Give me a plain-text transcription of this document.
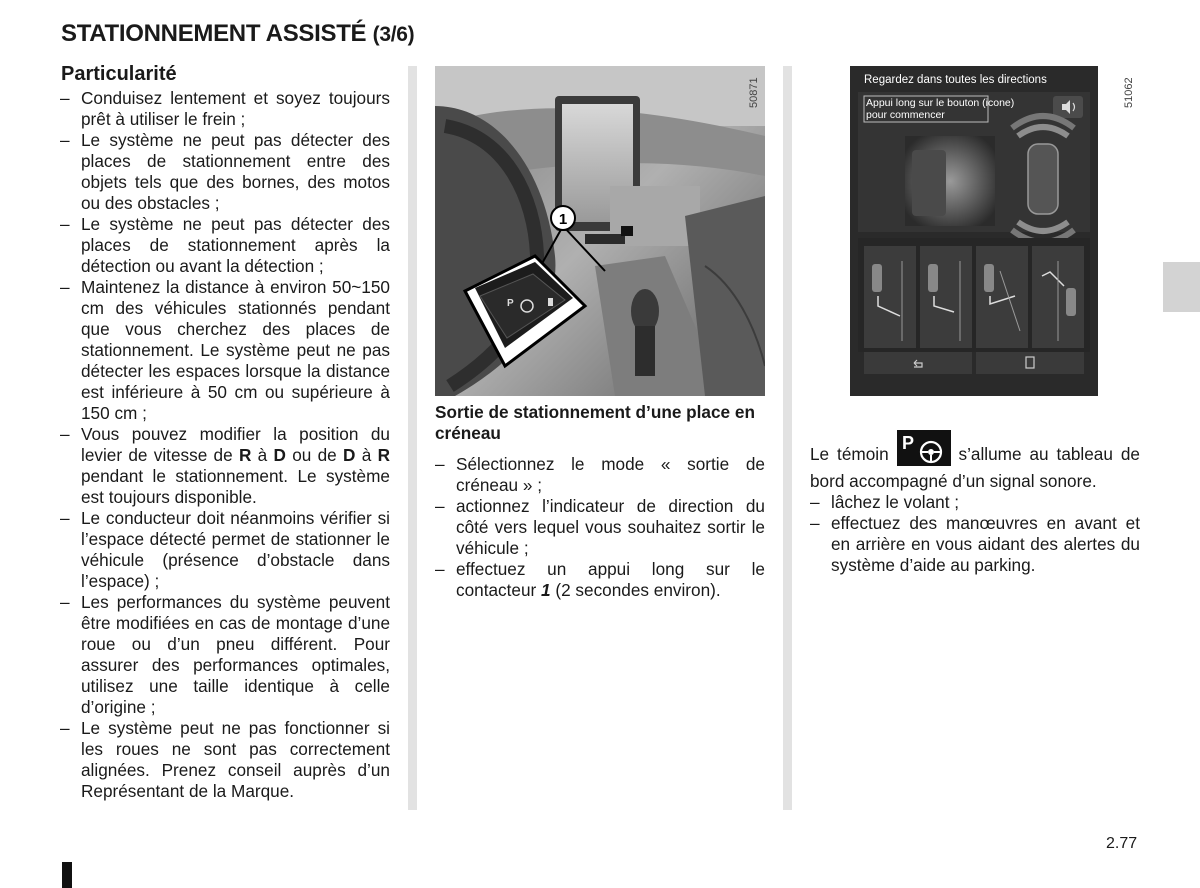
STATIONNEMENT ASSISTÉ (3/6)
Particularité
– Conduisez lentement et soyez toujours prêt à utiliser le frein ;
– Le système ne peut pas détecter des places de stationnement entre des objets tels que des bornes, des motos ou des obstacles ;
– Le système ne peut pas détecter des places de stationnement après la détection ou avant la détection ;
– Maintenez la distance à environ 50~150 cm des véhicules stationnés pendant que vous cherchez des places de stationnement. Le système peut ne pas détecter les espaces lorsque la distance est inférieure à 50 cm ou supérieure à 150 cm ;
– Vous pouvez modifier la position du levier de vitesse de R à D ou de D à R pendant le stationnement. Le système est toujours disponible.
– Le conducteur doit néanmoins vérifier si l’espace détecté permet de stationner le véhicule (présence d’obstacle dans l’espace) ;
– Les performances du système peuvent être modifiées en cas de montage d’une roue ou d’un pneu différent. Pour assurer des performances optimales, utilisez une taille identique à celle d’origine ;
– Le système peut ne pas fonctionner si les roues ne sont pas correctement alignées. Prenez conseil auprès d’un Représentant de la Marque.
P
1
50871

Sortie de stationnement d’une place en créneau

– Sélectionnez le mode « sortie de créneau » ;
– actionnez l’indicateur de direction du côté vers lequel vous souhaitez sortir le véhicule ;
– effectuez un appui long sur le contacteur 1 (2 secondes environ).
Regardez dans toutes les directions
Appui long sur le bouton (icone)
pour commencer
51062
Le témoin
P
s’allume au tableau de bord accompagné d’un signal sonore.
– lâchez le volant ;
– effectuez des manœuvres en avant et en arrière en vous aidant des alertes du système d’aide au parking.
2.77
